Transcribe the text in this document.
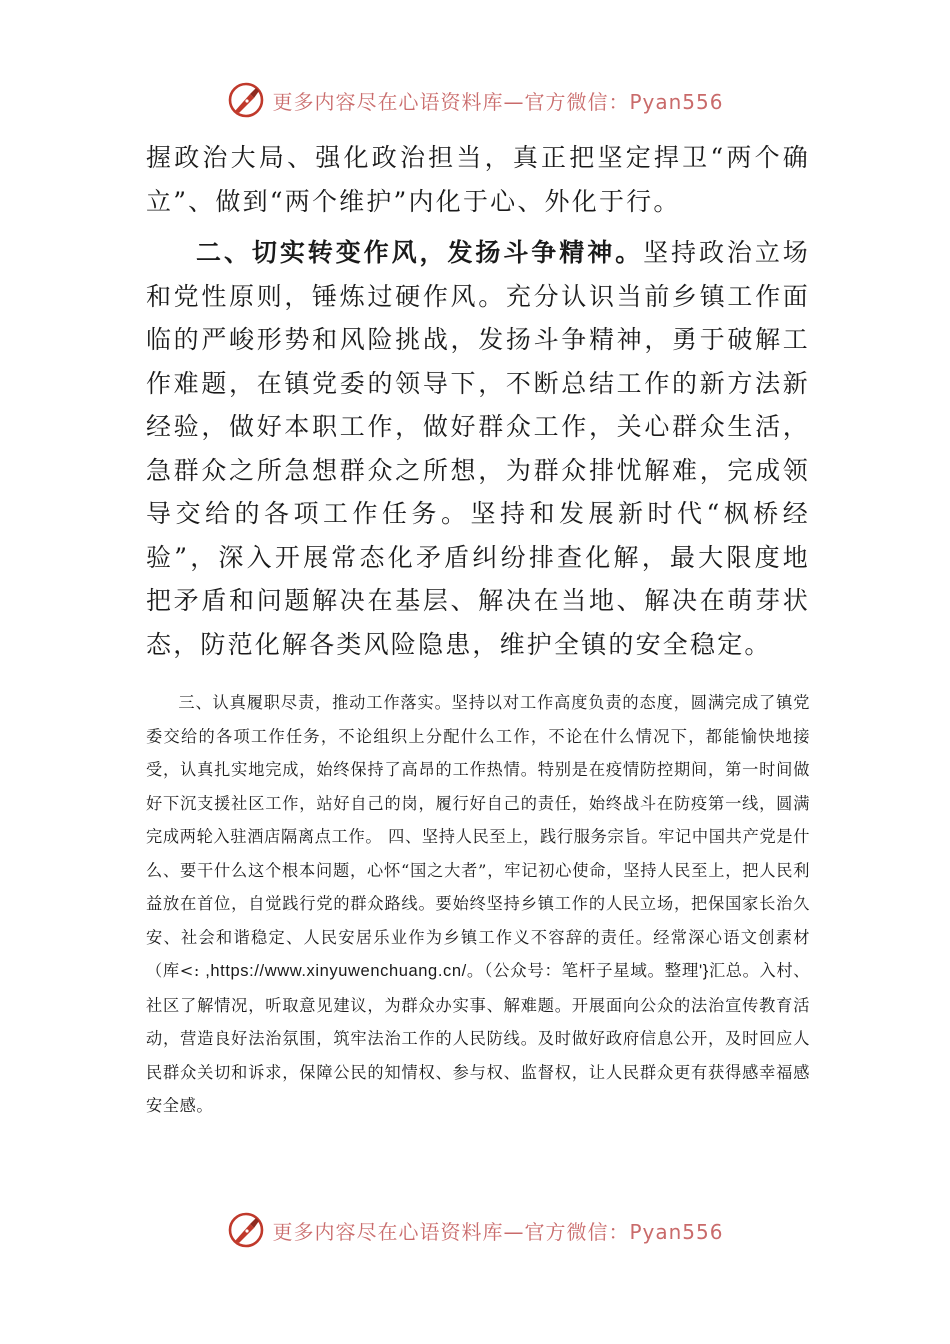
更多内容尽在心语资料库—官方微信：Pyan556

握政治大局、强化政治担当，真正把坚定捍卫“两个确立”、做到“两个维护”内化于心、外化于行。

二、切实转变作风，发扬斗争精神。坚持政治立场和党性原则，锤炼过硬作风。充分认识当前乡镇工作面临的严峻形势和风险挑战，发扬斗争精神，勇于破解工作难题，在镇党委的领导下，不断总结工作的新方法新经验，做好本职工作，做好群众工作，关心群众生活，急群众之所急想群众之所想，为群众排忧解难，完成领导交给的各项工作任务。坚持和发展新时代“枫桥经验”，深入开展常态化矛盾纠纷排查化解，最大限度地把矛盾和问题解决在基层、解决在当地、解决在萌芽状态，防范化解各类风险隐患，维护全镇的安全稳定。

三、认真履职尽责，推动工作落实。坚持以对工作高度负责的态度，圆满完成了镇党委交给的各项工作任务，不论组织上分配什么工作，不论在什么情况下，都能愉快地接受，认真扎实地完成，始终保持了高昂的工作热情。特别是在疫情防控期间，第一时间做好下沉支援社区工作，站好自己的岗，履行好自己的责任，始终战斗在防疫第一线，圆满完成两轮入驻酒店隔离点工作。 四、坚持人民至上，践行服务宗旨。牢记中国共产党是什么、要干什么这个根本问题，心怀“国之大者”，牢记初心使命，坚持人民至上，把人民利益放在首位，自觉践行党的群众路线。要始终坚持乡镇工作的人民立场，把保国家长治久安、社会和谐稳定、人民安居乐业作为乡镇工作义不容辞的责任。经常深心语文创素材（库<: ,https://www.xinyuwenchuang.cn/。（公众号：笔杆子星域。整理'}汇总。入村、社区了解情况，听取意见建议，为群众办实事、解难题。开展面向公众的法治宣传教育活动，营造良好法治氛围，筑牢法治工作的人民防线。及时做好政府信息公开，及时回应人民群众关切和诉求，保障公民的知情权、参与权、监督权，让人民群众更有获得感幸福感安全感。

更多内容尽在心语资料库—官方微信：Pyan556
